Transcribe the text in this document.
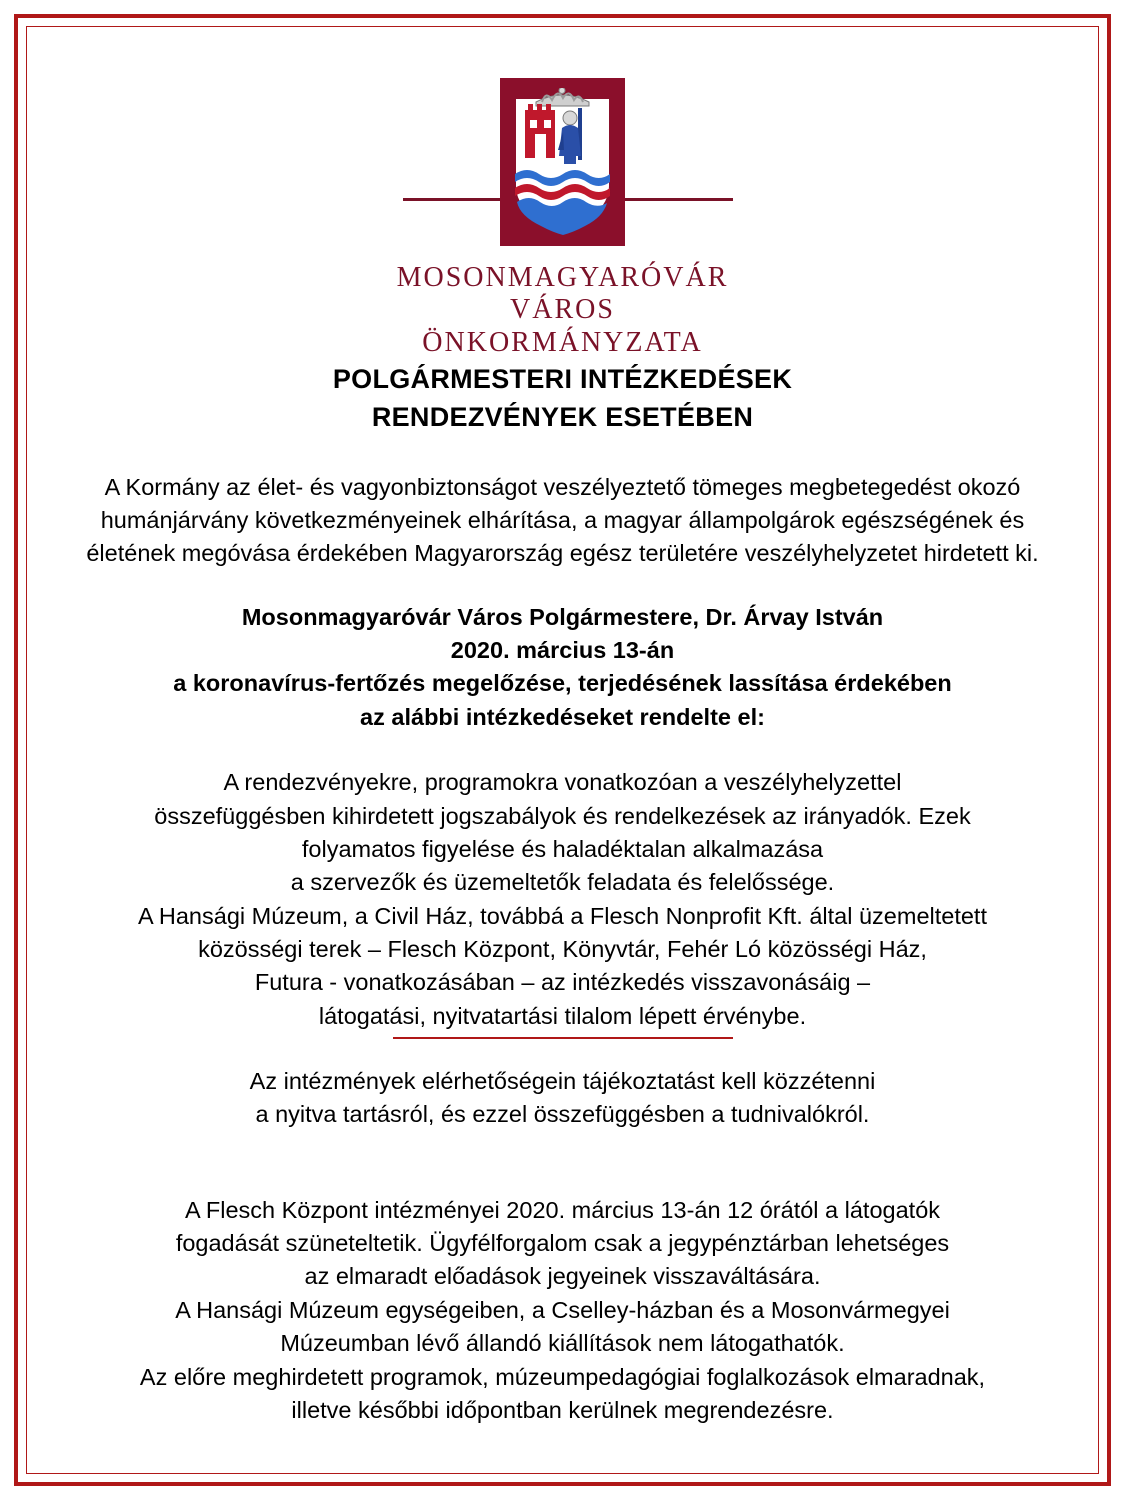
MOSONMAGYARÓVÁR
VÁROS
ÖNKORMÁNYZATA
POLGÁRMESTERI INTÉZKEDÉSEK
RENDEZVÉNYEK ESETÉBEN
A Kormány az élet- és vagyonbiztonságot veszélyeztető tömeges megbetegedést okozó humánjárvány következményeinek elhárítása, a magyar állampolgárok egészségének és életének megóvása érdekében Magyarország egész területére veszélyhelyzetet hirdetett ki.
Mosonmagyaróvár Város Polgármestere, Dr. Árvay István
2020. március 13-án
a koronavírus-fertőzés megelőzése, terjedésének lassítása érdekében
az alábbi intézkedéseket rendelte el:
A rendezvényekre, programokra vonatkozóan a veszélyhelyzettel
összefüggésben kihirdetett jogszabályok és rendelkezések az irányadók. Ezek
folyamatos figyelése és haladéktalan alkalmazása
a szervezők és üzemeltetők feladata és felelőssége.
A Hansági Múzeum, a Civil Ház, továbbá a Flesch Nonprofit Kft. által üzemeltetett
közösségi terek – Flesch Központ, Könyvtár, Fehér Ló közösségi Ház,
Futura - vonatkozásában – az intézkedés visszavonásáig –
látogatási, nyitvatartási tilalom lépett érvénybe.
Az intézmények elérhetőségein tájékoztatást kell közzétenni
a nyitva tartásról, és ezzel összefüggésben a tudnivalókról.
A Flesch Központ intézményei 2020. március 13-án 12 órától a látogatók
fogadását szüneteltetik. Ügyfélforgalom csak a jegypénztárban lehetséges
az elmaradt előadások jegyeinek visszaváltására.
A Hansági Múzeum egységeiben, a Cselley-házban és a Mosonvármegyei
Múzeumban lévő állandó kiállítások nem látogathatók.
Az előre meghirdetett programok, múzeumpedagógiai foglalkozások elmaradnak,
illetve későbbi időpontban kerülnek megrendezésre.
